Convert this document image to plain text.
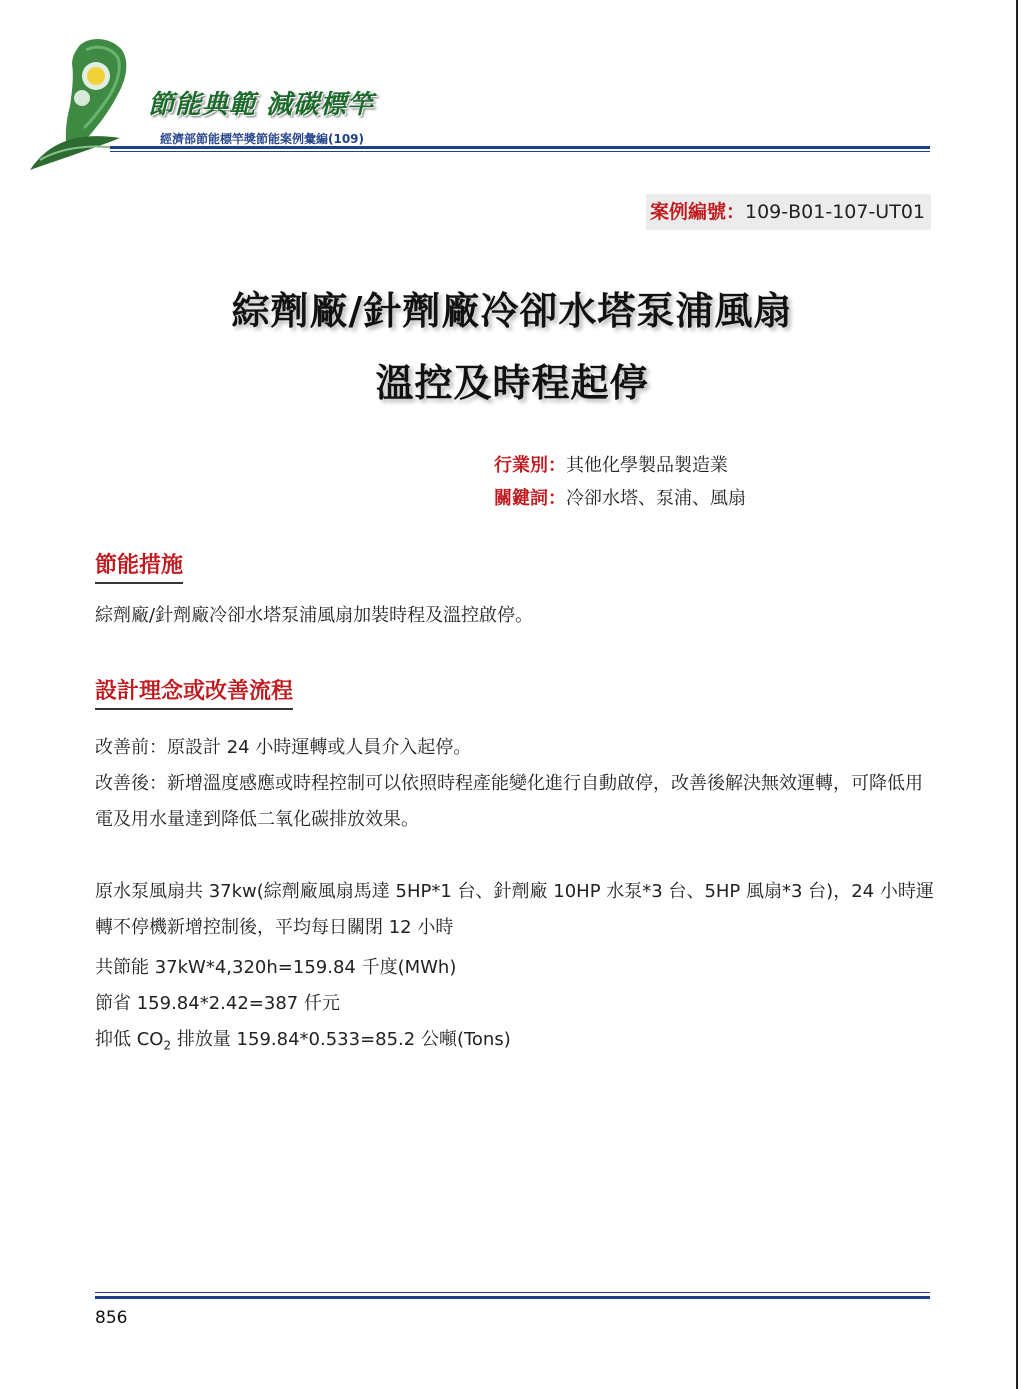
節能典範 減碳標竿
經濟部節能標竿獎節能案例彙編(109)
案例編號：109-B01-107-UT01
綜劑廠/針劑廠冷卻水塔泵浦風扇
溫控及時程起停
行業別：其他化學製品製造業
關鍵詞：冷卻水塔、泵浦、風扇
節能措施
綜劑廠/針劑廠冷卻水塔泵浦風扇加裝時程及溫控啟停。
設計理念或改善流程
改善前：原設計 24 小時運轉或人員介入起停。
改善後：新增溫度感應或時程控制可以依照時程產能變化進行自動啟停，改善後解決無效運轉，可降低用電及用水量達到降低二氧化碳排放效果。
原水泵風扇共 37kw(綜劑廠風扇馬達 5HP*1 台、針劑廠 10HP 水泵*3 台、5HP 風扇*3 台)，24 小時運轉不停機新增控制後，平均每日關閉 12 小時
共節能 37kW*4,320h=159.84 千度(MWh)
節省 159.84*2.42=387 仟元
抑低 $CO_2$ 排放量 159.84*0.533=85.2 公噸(Tons)
856
